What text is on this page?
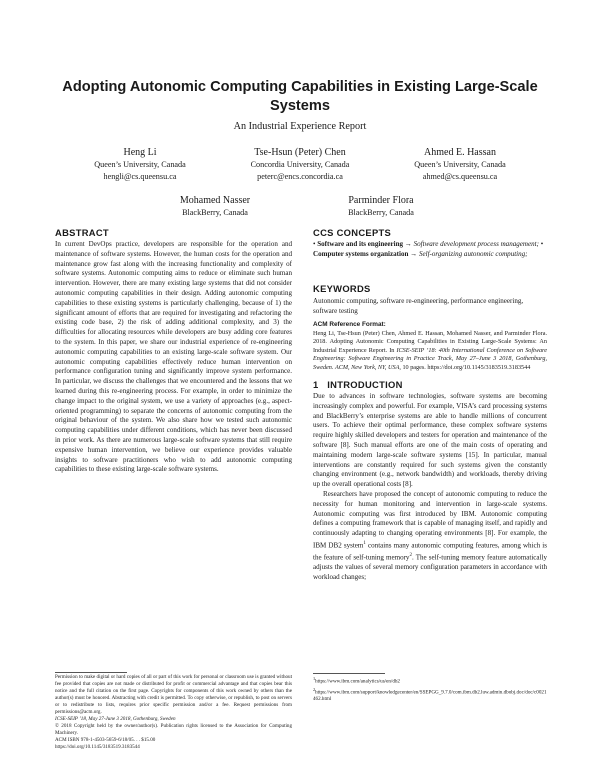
Adopting Autonomic Computing Capabilities in Existing Large-Scale Systems
An Industrial Experience Report
Heng Li
Queen’s University, Canada
hengli@cs.queensu.ca
Tse-Hsun (Peter) Chen
Concordia University, Canada
peterc@encs.concordia.ca
Ahmed E. Hassan
Queen’s University, Canada
ahmed@cs.queensu.ca
Mohamed Nasser
BlackBerry, Canada
Parminder Flora
BlackBerry, Canada
ABSTRACT

In current DevOps practice, developers are responsible for the operation and maintenance of software systems. However, the human costs for the operation and maintenance grow fast along with the increasing functionality and complexity of software systems. Autonomic computing aims to reduce or eliminate such human intervention. However, there are many existing large systems that did not consider autonomic computing capabilities in their design. Adding autonomic computing capabilities to these existing systems is particularly challenging, because of 1) the significant amount of efforts that are required for investigating and refactoring the existing code base, 2) the risk of adding additional complexity, and 3) the difficulties for allocating resources while developers are busy adding core features to the system. In this paper, we share our industrial experience of re-engineering autonomic computing capabilities to an existing large-scale software system. Our autonomic computing capabilities effectively reduce human intervention on performance configuration tuning and significantly improve system performance. In particular, we discuss the challenges that we encountered and the lessons that we learned during this re-engineering process. For example, in order to minimize the change impact to the original system, we use a variety of approaches (e.g., aspect-oriented programming) to separate the concerns of autonomic computing from the original behaviour of the system. We also share how we tested such autonomic computing capabilities under different conditions, which has never been discussed in prior work. As there are numerous large-scale software systems that still require expensive human intervention, we believe our experience provides valuable insights to software practitioners who wish to add autonomic computing capabilities to these existing large-scale software systems.

Permission to make digital or hard copies of all or part of this work for personal or classroom use is granted without fee provided that copies are not made or distributed for profit or commercial advantage and that copies bear this notice and the full citation on the first page. Copyrights for components of this work owned by others than the author(s) must be honored. Abstracting with credit is permitted. To copy otherwise, or republish, to post on servers or to redistribute to lists, requires prior specific permission and/or a fee. Request permissions from permissions@acm.org.
ICSE-SEIP ’18, May 27-June 3 2018, Gothenburg, Sweden
© 2018 Copyright held by the owner/author(s). Publication rights licensed to the Association for Computing Machinery.
ACM ISBN 978-1-4503-5659-6/18/05. . . $15.00
https://doi.org/10.1145/3183519.3183544
CCS CONCEPTS
• Software and its engineering → Software development process management; • Computer systems organization → Self-organizing autonomic computing;
KEYWORDS
Autonomic computing, software re-engineering, performance engineering, software testing
ACM Reference Format:
Heng Li, Tse-Hsun (Peter) Chen, Ahmed E. Hassan, Mohamed Nasser, and Parminder Flora. 2018. Adopting Autonomic Computing Capabilities in Existing Large-Scale Systems: An Industrial Experience Report. In ICSE-SEIP ’18: 40th International Conference on Software Engineering: Software Engineering in Practice Track, May 27–June 3 2018, Gothenburg, Sweden. ACM, New York, NY, USA, 10 pages. https://doi.org/10.1145/3183519.3183544
1 INTRODUCTION

Due to advances in software technologies, software systems are becoming increasingly complex and powerful. For example, VISA’s card processing systems and BlackBerry’s enterprise systems are able to handle millions of concurrent users. To achieve their optimal performance, these complex software systems require highly skilled developers and testers for operation and maintenance of the software [8]. Such manual efforts are one of the main costs of operating and maintaining modern large-scale software systems [15]. In particular, manual interventions are constantly required for such systems given the constantly changing environment (e.g., network bandwidth) and workloads, thereby driving up the overall operational costs [8].

Researchers have proposed the concept of autonomic computing to reduce the necessity for human monitoring and intervention in large-scale systems. Autonomic computing was first introduced by IBM. Autonomic computing defines a computing framework that is capable of managing itself, and rapidly and continuously adapting to changing operating environments [8]. For example, the IBM DB2 system$^1$ contains many autonomic computing features, among which is the feature of self-tuning memory$^2$. The self-tuning memory feature automatically adjusts the values of several memory configuration parameters in accordance with workload changes;

$^1$https://www.ibm.com/analytics/us/en/db2
$^2$https://www.ibm.com/support/knowledgecenter/en/SSEPGG_9.7.0/com.ibm.db2.luw.admin.dbobj.doc/doc/c0021462.html
